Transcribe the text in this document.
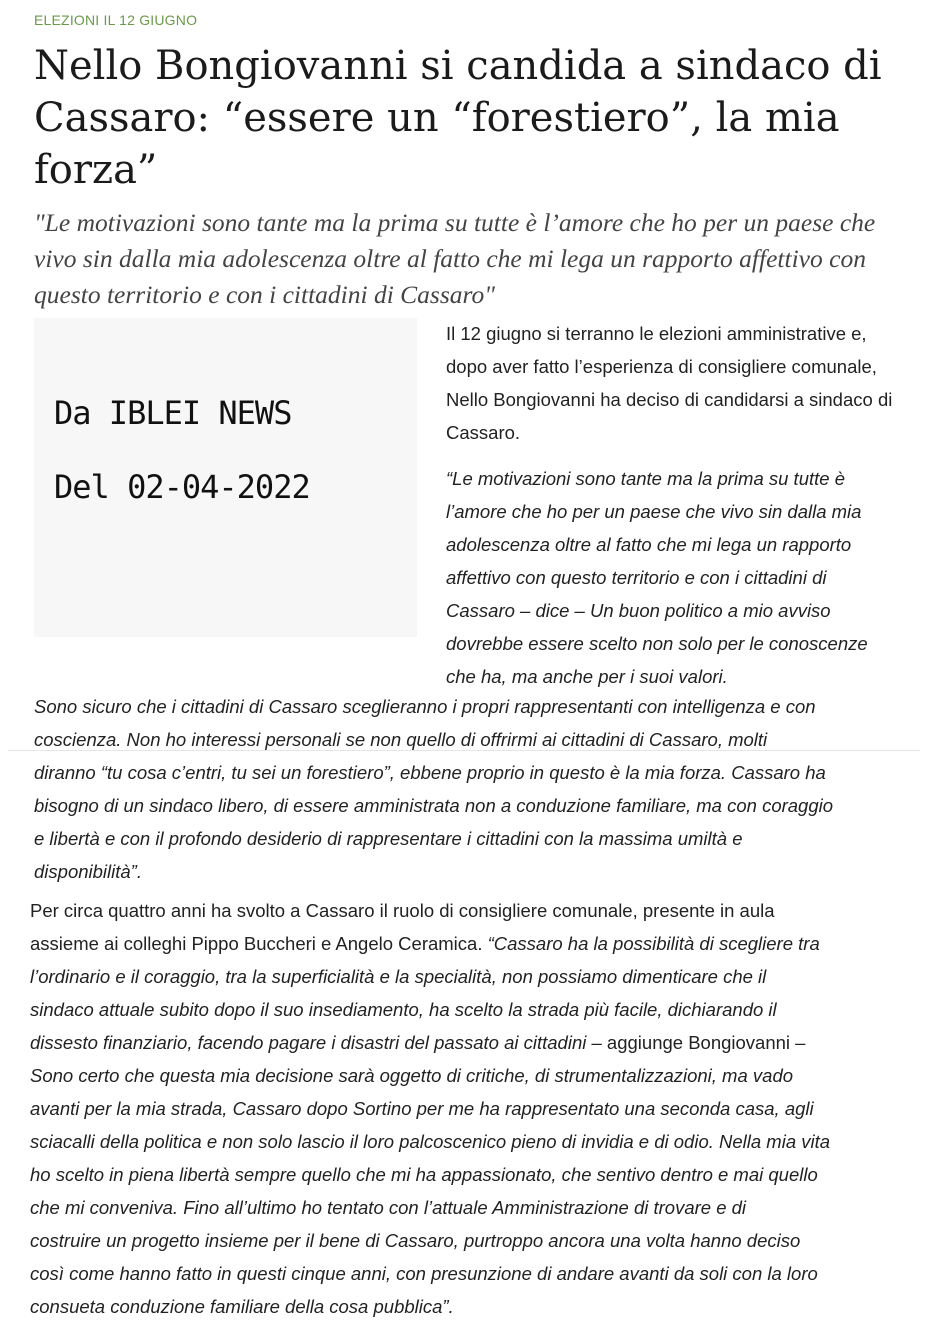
ELEZIONI IL 12 GIUGNO
Nello Bongiovanni si candida a sindaco di Cassaro: “essere un “forestiero”, la mia forza”

"Le motivazioni sono tante ma la prima su tutte è l’amore che ho per un paese che vivo sin dalla mia adolescenza oltre al fatto che mi lega un rapporto affettivo con questo territorio e con i cittadini di Cassaro"

Da IBLEI NEWS
Del 02-04-2022

Il 12 giugno si terranno le elezioni amministrative e, dopo aver fatto l’esperienza di consigliere comunale, Nello Bongiovanni ha deciso di candidarsi a sindaco di Cassaro.

“Le motivazioni sono tante ma la prima su tutte è l’amore che ho per un paese che vivo sin dalla mia adolescenza oltre al fatto che mi lega un rapporto affettivo con questo territorio e con i cittadini di Cassaro – dice – Un buon politico a mio avviso dovrebbe essere scelto non solo per le conoscenze che ha, ma anche per i suoi valori.

Sono sicuro che i cittadini di Cassaro sceglieranno i propri rappresentanti con intelligenza e con
coscienza. Non ho interessi personali se non quello di offrirmi ai cittadini di Cassaro, molti
diranno “tu cosa c’entri, tu sei un forestiero”, ebbene proprio in questo è la mia forza. Cassaro ha
bisogno di un sindaco libero, di essere amministrata non a conduzione familiare, ma con coraggio
e libertà e con il profondo desiderio di rappresentare i cittadini con la massima umiltà e
disponibilità”.
Per circa quattro anni ha svolto a Cassaro il ruolo di consigliere comunale, presente in aula
assieme ai colleghi Pippo Buccheri e Angelo Ceramica. “Cassaro ha la possibilità di scegliere tra
l’ordinario e il coraggio, tra la superficialità e la specialità, non possiamo dimenticare che il
sindaco attuale subito dopo il suo insediamento, ha scelto la strada più facile, dichiarando il
dissesto finanziario, facendo pagare i disastri del passato ai cittadini – aggiunge Bongiovanni –
Sono certo che questa mia decisione sarà oggetto di critiche, di strumentalizzazioni, ma vado
avanti per la mia strada, Cassaro dopo Sortino per me ha rappresentato una seconda casa, agli
sciacalli della politica e non solo lascio il loro palcoscenico pieno di invidia e di odio. Nella mia vita
ho scelto in piena libertà sempre quello che mi ha appassionato, che sentivo dentro e mai quello
che mi conveniva. Fino all’ultimo ho tentato con l’attuale Amministrazione di trovare e di
costruire un progetto insieme per il bene di Cassaro, purtroppo ancora una volta hanno deciso
così come hanno fatto in questi cinque anni, con presunzione di andare avanti da soli con la loro
consueta conduzione familiare della cosa pubblica”.
